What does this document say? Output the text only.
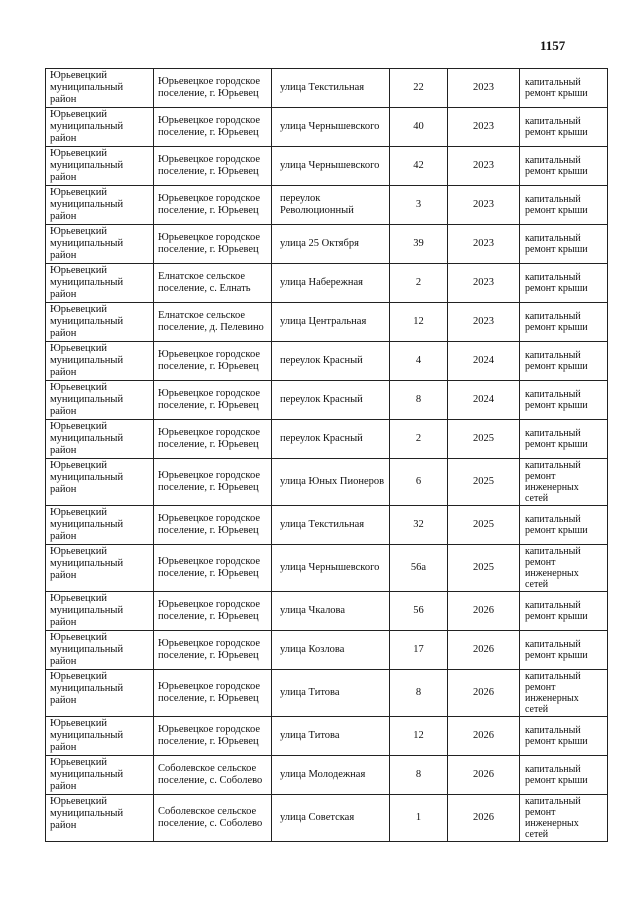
1157
Юрьевецкий муниципальный район	Юрьевецкое городское поселение, г. Юрьевец	улица Текстильная	22	2023	капитальный ремонт крыши
Юрьевецкий муниципальный район	Юрьевецкое городское поселение, г. Юрьевец	улица Чернышевского	40	2023	капитальный ремонт крыши
Юрьевецкий муниципальный район	Юрьевецкое городское поселение, г. Юрьевец	улица Чернышевского	42	2023	капитальный ремонт крыши
Юрьевецкий муниципальный район	Юрьевецкое городское поселение, г. Юрьевец	переулок Революционный	3	2023	капитальный ремонт крыши
Юрьевецкий муниципальный район	Юрьевецкое городское поселение, г. Юрьевец	улица 25 Октября	39	2023	капитальный ремонт крыши
Юрьевецкий муниципальный район	Елнатское сельское поселение, с. Елнать	улица Набережная	2	2023	капитальный ремонт крыши
Юрьевецкий муниципальный район	Елнатское сельское поселение, д. Пелевино	улица Центральная	12	2023	капитальный ремонт крыши
Юрьевецкий муниципальный район	Юрьевецкое городское поселение, г. Юрьевец	переулок Красный	4	2024	капитальный ремонт крыши
Юрьевецкий муниципальный район	Юрьевецкое городское поселение, г. Юрьевец	переулок Красный	8	2024	капитальный ремонт крыши
Юрьевецкий муниципальный район	Юрьевецкое городское поселение, г. Юрьевец	переулок Красный	2	2025	капитальный ремонт крыши
Юрьевецкий муниципальный район	Юрьевецкое городское поселение, г. Юрьевец	улица Юных Пионеров	6	2025	капитальный ремонт инженерных сетей
Юрьевецкий муниципальный район	Юрьевецкое городское поселение, г. Юрьевец	улица Текстильная	32	2025	капитальный ремонт крыши
Юрьевецкий муниципальный район	Юрьевецкое городское поселение, г. Юрьевец	улица Чернышевского	56а	2025	капитальный ремонт инженерных сетей
Юрьевецкий муниципальный район	Юрьевецкое городское поселение, г. Юрьевец	улица Чкалова	56	2026	капитальный ремонт крыши
Юрьевецкий муниципальный район	Юрьевецкое городское поселение, г. Юрьевец	улица Козлова	17	2026	капитальный ремонт крыши
Юрьевецкий муниципальный район	Юрьевецкое городское поселение, г. Юрьевец	улица Титова	8	2026	капитальный ремонт инженерных сетей
Юрьевецкий муниципальный район	Юрьевецкое городское поселение, г. Юрьевец	улица Титова	12	2026	капитальный ремонт крыши
Юрьевецкий муниципальный район	Соболевское сельское поселение, с. Соболево	улица Молодежная	8	2026	капитальный ремонт крыши
Юрьевецкий муниципальный район	Соболевское сельское поселение, с. Соболево	улица Советская	1	2026	капитальный ремонт инженерных сетей
